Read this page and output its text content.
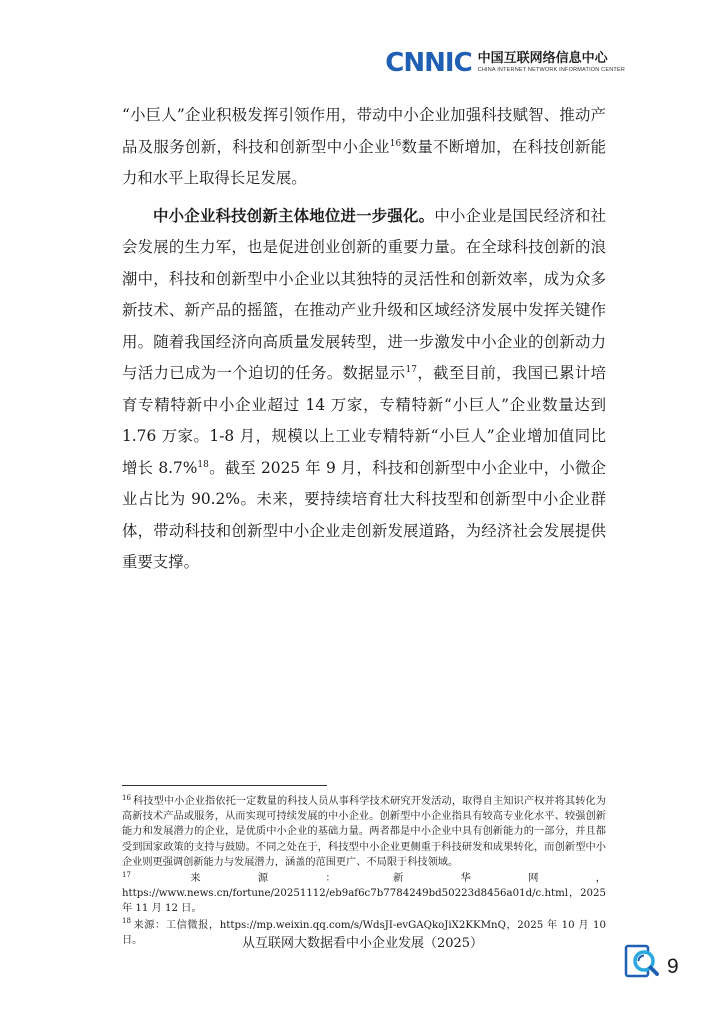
CNNIC 中国互联网络信息中心
CHINA INTERNET NETWORK INFORMATION CENTER

“小巨人”企业积极发挥引领作用，带动中小企业加强科技赋智、推动产品及服务创新，科技和创新型中小企业$^{16}$数量不断增加，在科技创新能力和水平上取得长足发展。

中小企业科技创新主体地位进一步强化。中小企业是国民经济和社会发展的生力军，也是促进创业创新的重要力量。在全球科技创新的浪潮中，科技和创新型中小企业以其独特的灵活性和创新效率，成为众多新技术、新产品的摇篮，在推动产业升级和区域经济发展中发挥关键作用。随着我国经济向高质量发展转型，进一步激发中小企业的创新动力与活力已成为一个迫切的任务。数据显示$^{17}$，截至目前，我国已累计培育专精特新中小企业超过 14 万家，专精特新“小巨人”企业数量达到 1.76 万家。1-8 月，规模以上工业专精特新“小巨人”企业增加值同比增长 8.7%$^{18}$。截至 2025 年 9 月，科技和创新型中小企业中，小微企业占比为 90.2%。未来，要持续培育壮大科技型和创新型中小企业群体，带动科技和创新型中小企业走创新发展道路，为经济社会发展提供重要支撑。

$^{16}$ 科技型中小企业指依托一定数量的科技人员从事科学技术研究开发活动，取得自主知识产权并将其转化为高新技术产品或服务，从而实现可持续发展的中小企业。创新型中小企业指具有较高专业化水平、较强创新能力和发展潜力的企业，是优质中小企业的基础力量。两者都是中小企业中具有创新能力的一部分，并且都受到国家政策的支持与鼓励。不同之处在于，科技型中小企业更侧重于科技研发和成果转化，而创新型中小企业则更强调创新能力与发展潜力，涵盖的范围更广、不局限于科技领域。

$^{17}$ 来源：新华网，https://www.news.cn/fortune/20251112/eb9af6c7b7784249bd50223d8456a01d/c.html，2025 年 11 月 12 日。

$^{18}$ 来源：工信微报，https://mp.weixin.qq.com/s/WdsJI-evGAQkoJiX2KKMnQ，2025 年 10 月 10 日。	从互联网大数据看中小企业发展（2025）
9
